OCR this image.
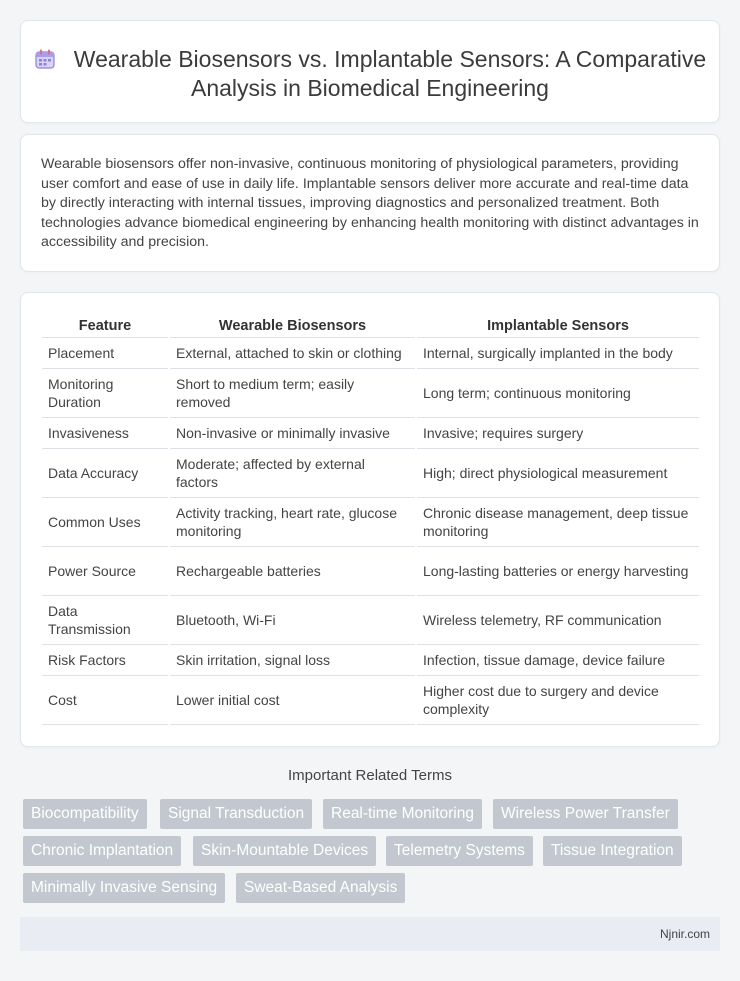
Wearable Biosensors vs. Implantable Sensors: A Comparative Analysis in Biomedical Engineering

Wearable biosensors offer non-invasive, continuous monitoring of physiological parameters, providing user comfort and ease of use in daily life. Implantable sensors deliver more accurate and real-time data by directly interacting with internal tissues, improving diagnostics and personalized treatment. Both technologies advance biomedical engineering by enhancing health monitoring with distinct advantages in accessibility and precision.

Feature	Wearable Biosensors	Implantable Sensors
Placement	External, attached to skin or clothing	Internal, surgically implanted in the body
Monitoring Duration	Short to medium term; easily removed	Long term; continuous monitoring
Invasiveness	Non-invasive or minimally invasive	Invasive; requires surgery
Data Accuracy	Moderate; affected by external factors	High; direct physiological measurement
Common Uses	Activity tracking, heart rate, glucose monitoring	Chronic disease management, deep tissue monitoring
Power Source	Rechargeable batteries	Long-lasting batteries or energy harvesting
Data Transmission	Bluetooth, Wi-Fi	Wireless telemetry, RF communication
Risk Factors	Skin irritation, signal loss	Infection, tissue damage, device failure
Cost	Lower initial cost	Higher cost due to surgery and device complexity
Important Related Terms
Biocompatibility	Signal Transduction	Real-time Monitoring	Wireless Power Transfer
Chronic Implantation	Skin-Mountable Devices	Telemetry Systems	Tissue Integration
Minimally Invasive Sensing	Sweat-Based Analysis
Njnir.com
